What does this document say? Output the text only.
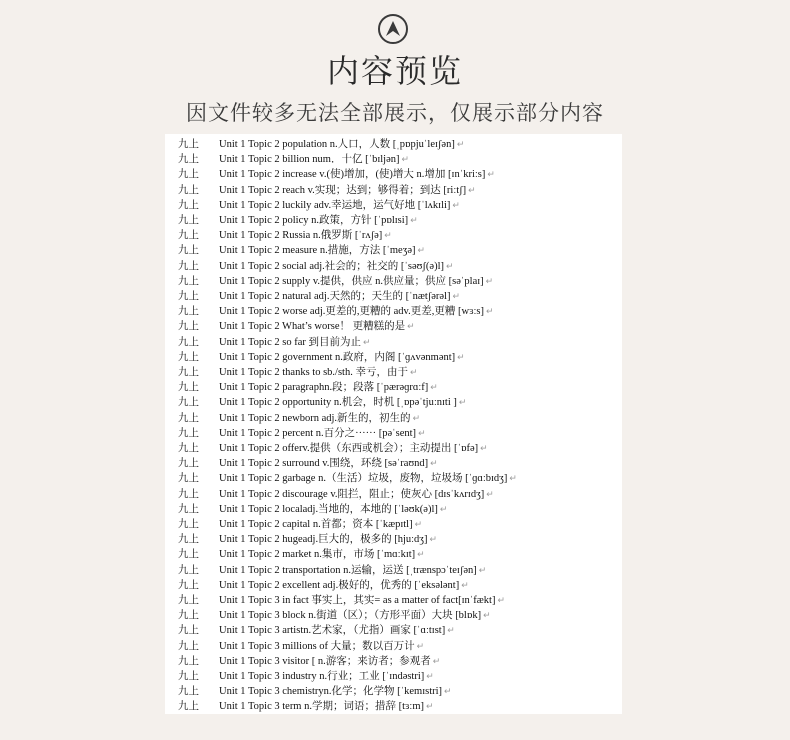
内容预览
因文件较多无法全部展示，仅展示部分内容
九上 Unit 1 Topic 2 population n.人口，人数 [ˌpɒpjuˈleɪʃən] ↵
九上 Unit 1 Topic 2 billion num．十亿 [ˈbɪljən] ↵
九上 Unit 1 Topic 2 increase v.(使)增加，(使)增大 n.增加 [ɪnˈkriːs] ↵
九上 Unit 1 Topic 2 reach v.实现；达到；够得着；到达 [riːtʃ] ↵
九上 Unit 1 Topic 2 luckily adv.幸运地，运气好地 [ˈlʌkɪli] ↵
九上 Unit 1 Topic 2 policy n.政策，方针 [ˈpɒlɪsi] ↵
九上 Unit 1 Topic 2 Russia n.俄罗斯 [ˈrʌʃə] ↵
九上 Unit 1 Topic 2 measure n.措施，方法 [ˈmeʒə] ↵
九上 Unit 1 Topic 2 social adj.社会的；社交的 [ˈsəʊʃ(ə)l] ↵
九上 Unit 1 Topic 2 supply v.提供，供应 n.供应量；供应 [səˈplaɪ] ↵
九上 Unit 1 Topic 2 natural adj.天然的；天生的 [ˈnætʃərəl] ↵
九上 Unit 1 Topic 2 worse adj.更差的,更糟的 adv.更差,更糟 [wɜːs] ↵
九上 Unit 1 Topic 2 What’s worse！ 更糟糕的是 ↵
九上 Unit 1 Topic 2 so far 到目前为止 ↵
九上 Unit 1 Topic 2 government n.政府，内阁 [ˈɡʌvənmənt] ↵
九上 Unit 1 Topic 2 thanks to sb./sth. 幸亏，由于 ↵
九上 Unit 1 Topic 2 paragraphn.段；段落 [ˈpærəɡrɑːf] ↵
九上 Unit 1 Topic 2 opportunity n.机会，时机 [ˌɒpəˈtjuːnɪti ] ↵
九上 Unit 1 Topic 2 newborn adj.新生的，初生的 ↵
九上 Unit 1 Topic 2 percent n.百分之······ [pəˈsent] ↵
九上 Unit 1 Topic 2 offerv.提供（东西或机会）；主动提出 [ˈɒfə] ↵
九上 Unit 1 Topic 2 surround v.围绕，环绕 [səˈraʊnd] ↵
九上 Unit 1 Topic 2 garbage n.（生活）垃圾，废物，垃圾场 [ˈɡɑːbɪdʒ] ↵
九上 Unit 1 Topic 2 discourage v.阻拦，阻止；使灰心 [dɪsˈkʌrɪdʒ] ↵
九上 Unit 1 Topic 2 localadj.当地的，本地的 [ˈləʊk(ə)l] ↵
九上 Unit 1 Topic 2 capital n.首都；资本 [ˈkæpɪtl] ↵
九上 Unit 1 Topic 2 hugeadj.巨大的，极多的 [hjuːdʒ] ↵
九上 Unit 1 Topic 2 market n.集市，市场 [ˈmɑːkɪt] ↵
九上 Unit 1 Topic 2 transportation n.运输，运送 [ˌtrænspɔˈteɪʃən] ↵
九上 Unit 1 Topic 2 excellent adj.极好的，优秀的 [ˈeksələnt] ↵
九上 Unit 1 Topic 3 in fact 事实上，其实= as a matter of fact[ɪnˈfækt] ↵
九上 Unit 1 Topic 3 block n.街道（区）；（方形平面）大块 [blɒk] ↵
九上 Unit 1 Topic 3 artistn.艺术家，（尤指）画家 [ˈɑːtɪst] ↵
九上 Unit 1 Topic 3 millions of 大量；数以百万计 ↵
九上 Unit 1 Topic 3 visitor [ n.游客；来访者；参观者 ↵
九上 Unit 1 Topic 3 industry n.行业；工业 [ˈɪndəstri] ↵
九上 Unit 1 Topic 3 chemistryn.化学；化学物 [ˈkemɪstri] ↵
九上 Unit 1 Topic 3 term n.学期；词语；措辞 [tɜːm] ↵
